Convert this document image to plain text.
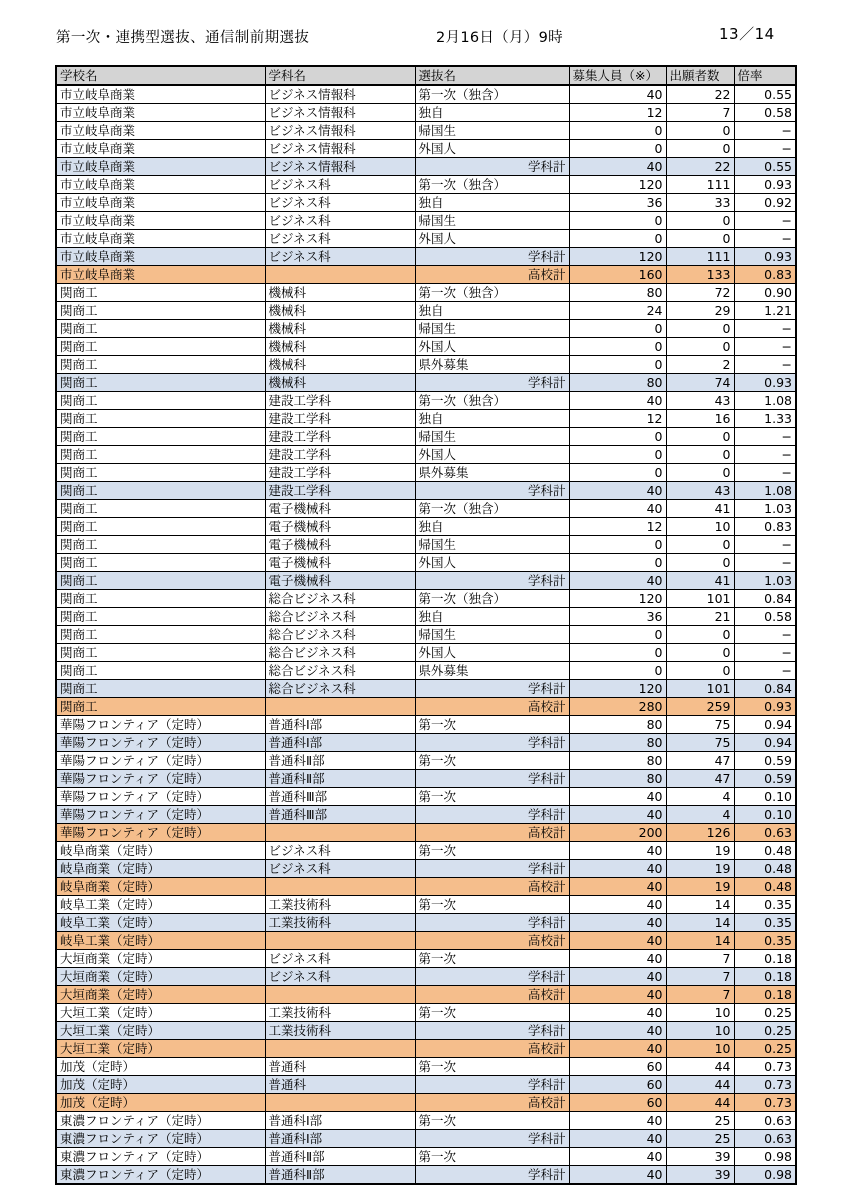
第一次・連携型選抜、通信制前期選抜	2月16日（月）9時	13／14
学校名	学科名	選抜名	募集人員（※）	出願者数	倍率
市立岐阜商業	ビジネス情報科	第一次（独含）	40	22	0.55
市立岐阜商業	ビジネス情報科	独自	12	7	0.58
市立岐阜商業	ビジネス情報科	帰国生	0	0	−
市立岐阜商業	ビジネス情報科	外国人	0	0	−
市立岐阜商業	ビジネス情報科	学科計	40	22	0.55
市立岐阜商業	ビジネス科	第一次（独含）	120	111	0.93
市立岐阜商業	ビジネス科	独自	36	33	0.92
市立岐阜商業	ビジネス科	帰国生	0	0	−
市立岐阜商業	ビジネス科	外国人	0	0	−
市立岐阜商業	ビジネス科	学科計	120	111	0.93
市立岐阜商業		高校計	160	133	0.83
関商工	機械科	第一次（独含）	80	72	0.90
関商工	機械科	独自	24	29	1.21
関商工	機械科	帰国生	0	0	−
関商工	機械科	外国人	0	0	−
関商工	機械科	県外募集	0	2	−
関商工	機械科	学科計	80	74	0.93
関商工	建設工学科	第一次（独含）	40	43	1.08
関商工	建設工学科	独自	12	16	1.33
関商工	建設工学科	帰国生	0	0	−
関商工	建設工学科	外国人	0	0	−
関商工	建設工学科	県外募集	0	0	−
関商工	建設工学科	学科計	40	43	1.08
関商工	電子機械科	第一次（独含）	40	41	1.03
関商工	電子機械科	独自	12	10	0.83
関商工	電子機械科	帰国生	0	0	−
関商工	電子機械科	外国人	0	0	−
関商工	電子機械科	学科計	40	41	1.03
関商工	総合ビジネス科	第一次（独含）	120	101	0.84
関商工	総合ビジネス科	独自	36	21	0.58
関商工	総合ビジネス科	帰国生	0	0	−
関商工	総合ビジネス科	外国人	0	0	−
関商工	総合ビジネス科	県外募集	0	0	−
関商工	総合ビジネス科	学科計	120	101	0.84
関商工		高校計	280	259	0.93
華陽フロンティア（定時）	普通科Ⅰ部	第一次	80	75	0.94
華陽フロンティア（定時）	普通科Ⅰ部	学科計	80	75	0.94
華陽フロンティア（定時）	普通科Ⅱ部	第一次	80	47	0.59
華陽フロンティア（定時）	普通科Ⅱ部	学科計	80	47	0.59
華陽フロンティア（定時）	普通科Ⅲ部	第一次	40	4	0.10
華陽フロンティア（定時）	普通科Ⅲ部	学科計	40	4	0.10
華陽フロンティア（定時）		高校計	200	126	0.63
岐阜商業（定時）	ビジネス科	第一次	40	19	0.48
岐阜商業（定時）	ビジネス科	学科計	40	19	0.48
岐阜商業（定時）		高校計	40	19	0.48
岐阜工業（定時）	工業技術科	第一次	40	14	0.35
岐阜工業（定時）	工業技術科	学科計	40	14	0.35
岐阜工業（定時）		高校計	40	14	0.35
大垣商業（定時）	ビジネス科	第一次	40	7	0.18
大垣商業（定時）	ビジネス科	学科計	40	7	0.18
大垣商業（定時）		高校計	40	7	0.18
大垣工業（定時）	工業技術科	第一次	40	10	0.25
大垣工業（定時）	工業技術科	学科計	40	10	0.25
大垣工業（定時）		高校計	40	10	0.25
加茂（定時）	普通科	第一次	60	44	0.73
加茂（定時）	普通科	学科計	60	44	0.73
加茂（定時）		高校計	60	44	0.73
東濃フロンティア（定時）	普通科Ⅰ部	第一次	40	25	0.63
東濃フロンティア（定時）	普通科Ⅰ部	学科計	40	25	0.63
東濃フロンティア（定時）	普通科Ⅱ部	第一次	40	39	0.98
東濃フロンティア（定時）	普通科Ⅱ部	学科計	40	39	0.98
